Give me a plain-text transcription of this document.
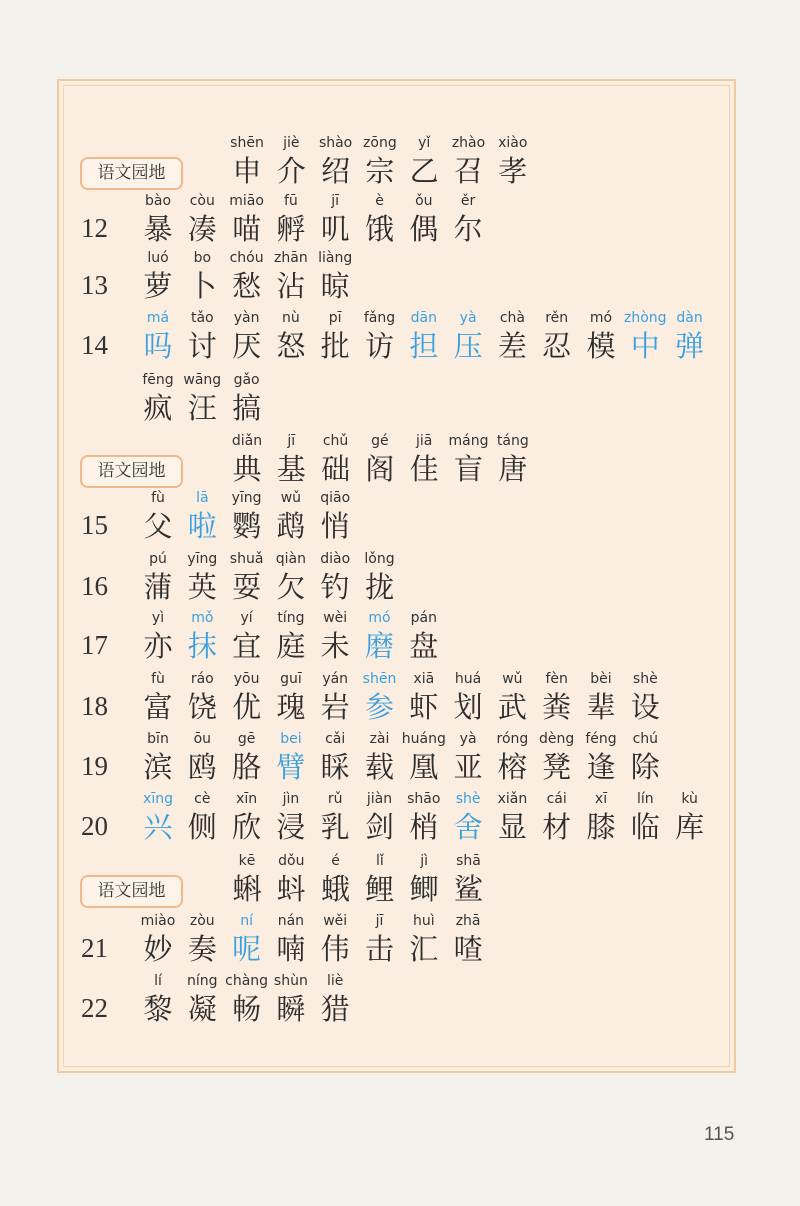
语文园地
shēn
申
jiè
介
shào
绍
zōng
宗
yǐ
乙
zhào
召
xiào
孝
12
bào
暴
còu
凑
miāo
喵
fū
孵
jī
叽
è
饿
ǒu
偶
ěr
尔
13
luó
萝
bo
卜
chóu
愁
zhān
沾
liàng
晾
14
má
吗
tǎo
讨
yàn
厌
nù
怒
pī
批
fǎng
访
dān
担
yà
压
chà
差
rěn
忍
mó
模
zhòng
中
dàn
弹
fēng
疯
wāng
汪
gǎo
搞
语文园地
diǎn
典
jī
基
chǔ
础
gé
阁
jiā
佳
máng
盲
táng
唐
15
fù
父
lā
啦
yīng
鹦
wǔ
鹉
qiāo
悄
16
pú
蒲
yīng
英
shuǎ
耍
qiàn
欠
diào
钓
lǒng
拢
17
yì
亦
mǒ
抹
yí
宜
tíng
庭
wèi
未
mó
磨
pán
盘
18
fù
富
ráo
饶
yōu
优
guī
瑰
yán
岩
shēn
参
xiā
虾
huá
划
wǔ
武
fèn
粪
bèi
辈
shè
设
19
bīn
滨
ōu
鸥
gē
胳
bei
臂
cǎi
睬
zài
载
huáng
凰
yà
亚
róng
榕
dèng
凳
féng
逢
chú
除
20
xīng
兴
cè
侧
xīn
欣
jìn
浸
rǔ
乳
jiàn
剑
shāo
梢
shè
舍
xiǎn
显
cái
材
xī
膝
lín
临
kù
库
语文园地
kē
蝌
dǒu
蚪
é
蛾
lǐ
鲤
jì
鲫
shā
鲨
21
miào
妙
zòu
奏
ní
呢
nán
喃
wěi
伟
jī
击
huì
汇
zhā
喳
22
lí
黎
níng
凝
chàng
畅
shùn
瞬
liè
猎
115
